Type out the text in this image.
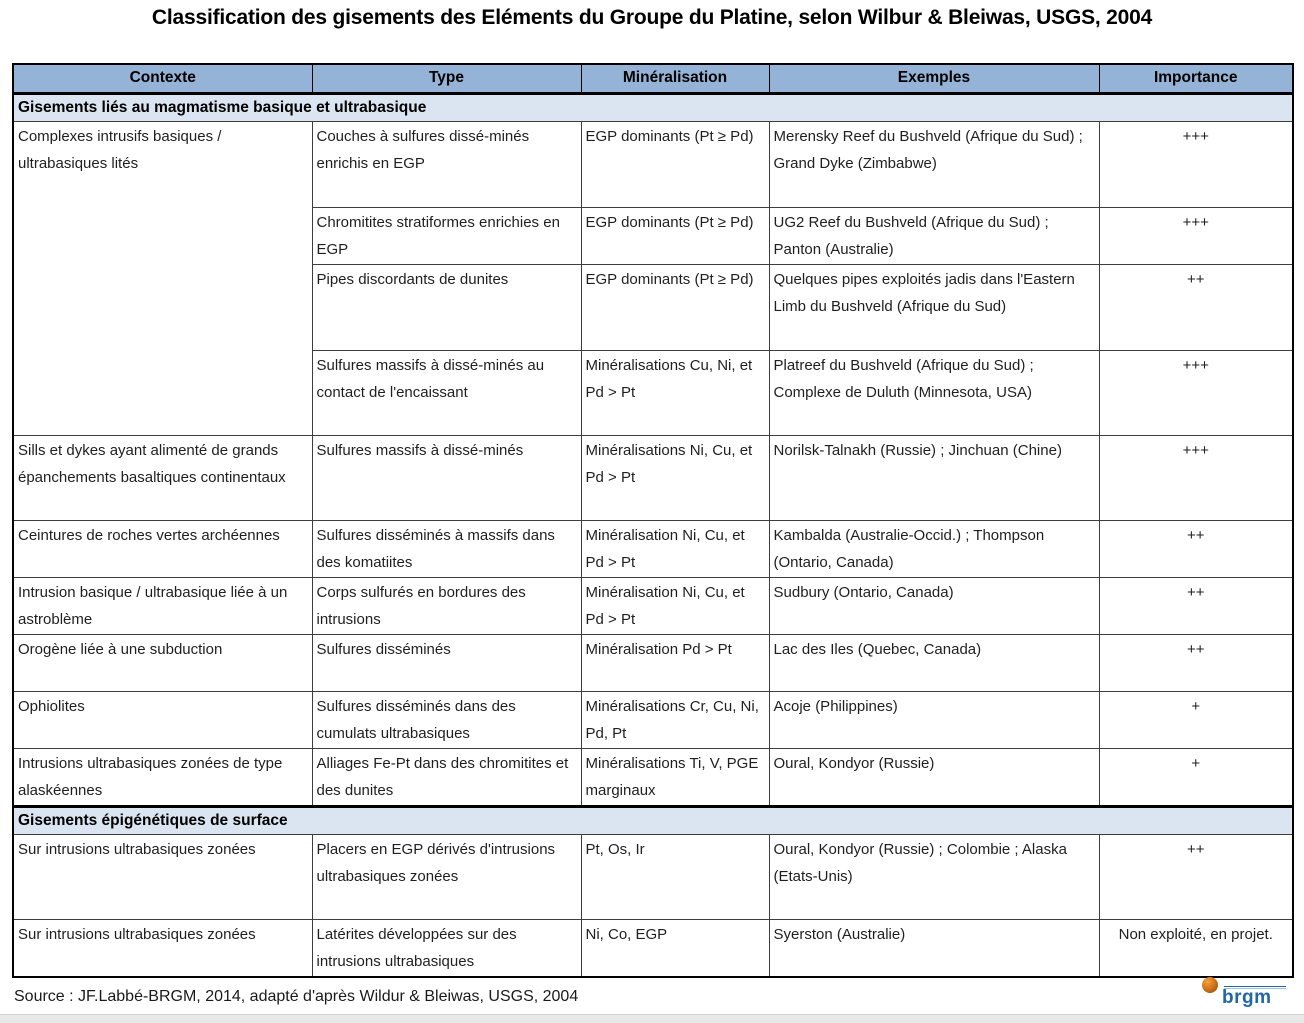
Classification des gisements des Eléments du Groupe du Platine, selon Wilbur & Bleiwas, USGS, 2004
Contexte	Type	Minéralisation	Exemples	Importance
Gisements liés au magmatisme basique et ultrabasique				
Complexes intrusifs basiques / ultrabasiques lités	Couches à sulfures dissé-minés enrichis en EGP	EGP dominants (Pt ≥ Pd)	Merensky Reef du Bushveld (Afrique du Sud) ; Grand Dyke (Zimbabwe)	+++
	Chromitites stratiformes enrichies en EGP	EGP dominants (Pt ≥ Pd)	UG2 Reef du Bushveld (Afrique du Sud) ; Panton (Australie)	+++
	Pipes discordants de dunites	EGP dominants (Pt ≥ Pd)	Quelques pipes exploités jadis dans l'Eastern Limb du Bushveld (Afrique du Sud)	++
	Sulfures massifs à dissé-minés au contact de l'encaissant	Minéralisations Cu, Ni, et Pd > Pt	Platreef du Bushveld (Afrique du Sud) ; Complexe de Duluth (Minnesota, USA)	+++
Sills et dykes ayant alimenté de grands épanchements basaltiques continentaux	Sulfures massifs à dissé-minés	Minéralisations Ni, Cu, et Pd > Pt	Norilsk-Talnakh (Russie) ; Jinchuan (Chine)	+++
Ceintures de roches vertes archéennes	Sulfures disséminés à massifs dans des komatiites	Minéralisation Ni, Cu, et Pd > Pt	Kambalda (Australie-Occid.) ; Thompson (Ontario, Canada)	++
Intrusion basique / ultrabasique liée à un astroblème	Corps sulfurés en bordures des intrusions	Minéralisation Ni, Cu, et Pd > Pt	Sudbury (Ontario, Canada)	++
Orogène liée à une subduction	Sulfures disséminés	Minéralisation Pd > Pt	Lac des Iles (Quebec, Canada)	++
Ophiolites	Sulfures disséminés dans des cumulats ultrabasiques	Minéralisations Cr, Cu, Ni, Pd, Pt	Acoje (Philippines)	+
Intrusions ultrabasiques zonées de type alaskéennes	Alliages Fe-Pt dans des chromitites et des dunites	Minéralisations Ti, V, PGE marginaux	Oural, Kondyor (Russie)	+
Gisements épigénétiques de surface				
Sur intrusions ultrabasiques zonées	Placers en EGP dérivés d'intrusions ultrabasiques zonées	Pt, Os, Ir	Oural, Kondyor (Russie) ; Colombie ; Alaska (Etats-Unis)	++
Sur intrusions ultrabasiques zonées	Latérites développées sur des intrusions ultrabasiques	Ni, Co, EGP	Syerston (Australie)	Non exploité, en projet.
Source : JF.Labbé-BRGM, 2014, adapté d'après Wildur & Bleiwas, USGS, 2004	brgm
